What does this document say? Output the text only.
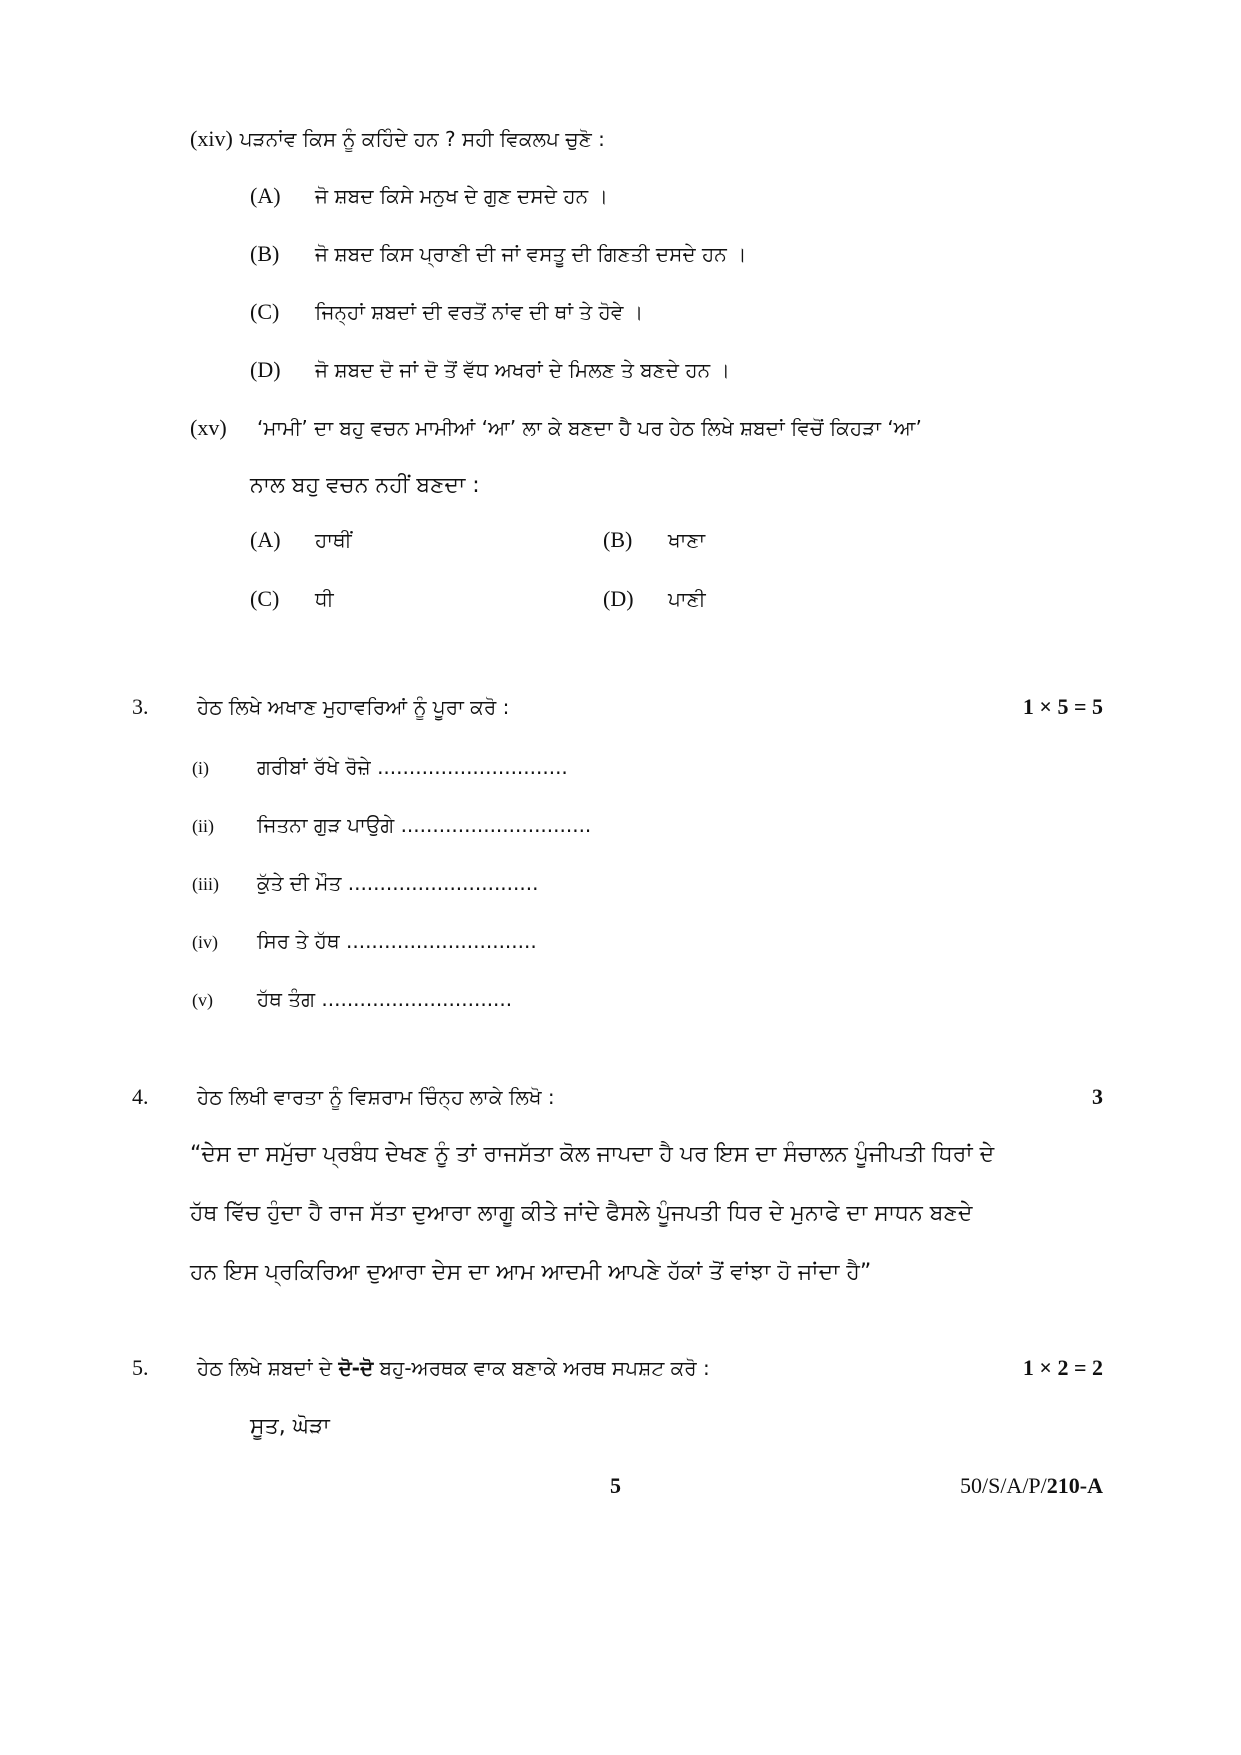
(xiv) ਪੜਨਾਂਵ ਕਿਸ ਨੂੰ ਕਹਿੰਦੇ ਹਨ ? ਸਹੀ ਵਿਕਲਪ ਚੁਣੋ :
(A) ਜੋ ਸ਼ਬਦ ਕਿਸੇ ਮਨੁਖ ਦੇ ਗੁਣ ਦਸਦੇ ਹਨ ।
(B) ਜੋ ਸ਼ਬਦ ਕਿਸ ਪ੍ਰਾਣੀ ਦੀ ਜਾਂ ਵਸਤੂ ਦੀ ਗਿਣਤੀ ਦਸਦੇ ਹਨ ।
(C) ਜਿਨ੍ਹਾਂ ਸ਼ਬਦਾਂ ਦੀ ਵਰਤੋਂ ਨਾਂਵ ਦੀ ਥਾਂ ਤੇ ਹੋਵੇ ।
(D) ਜੋ ਸ਼ਬਦ ਦੋ ਜਾਂ ਦੋ ਤੋਂ ਵੱਧ ਅਖਰਾਂ ਦੇ ਮਿਲਣ ਤੇ ਬਣਦੇ ਹਨ ।
(xv) ‘ਮਾਮੀ’ ਦਾ ਬਹੁ ਵਚਨ ਮਾਮੀਆਂ ‘ਆ’ ਲਾ ਕੇ ਬਣਦਾ ਹੈ ਪਰ ਹੇਠ ਲਿਖੇ ਸ਼ਬਦਾਂ ਵਿਚੋਂ ਕਿਹੜਾ ‘ਆ’
ਨਾਲ ਬਹੁ ਵਚਨ ਨਹੀਂ ਬਣਦਾ :
(A) ਹਾਥੀਂ	(B) ਖਾਣਾ
(C) ਧੀ	(D) ਪਾਣੀ
3. ਹੇਠ ਲਿਖੇ ਅਖਾਣ ਮੁਹਾਵਰਿਆਂ ਨੂੰ ਪੂਰਾ ਕਰੋ :	1 × 5 = 5
(i) ਗਰੀਬਾਂ ਰੱਖੇ ਰੋਜ਼ੇ ..............................
(ii) ਜਿਤਨਾ ਗੁੜ ਪਾਉਗੇ ..............................
(iii) ਕੁੱਤੇ ਦੀ ਮੌਤ ..............................
(iv) ਸਿਰ ਤੇ ਹੱਥ ..............................
(v) ਹੱਥ ਤੰਗ ..............................
4. ਹੇਠ ਲਿਖੀ ਵਾਰਤਾ ਨੂੰ ਵਿਸ਼ਰਾਮ ਚਿੰਨ੍ਹ ਲਾਕੇ ਲਿਖੋ :	3
“ਦੇਸ ਦਾ ਸਮੁੱਚਾ ਪ੍ਰਬੰਧ ਦੇਖਣ ਨੂੰ ਤਾਂ ਰਾਜਸੱਤਾ ਕੋਲ ਜਾਪਦਾ ਹੈ ਪਰ ਇਸ ਦਾ ਸੰਚਾਲਨ ਪੂੰਜੀਪਤੀ ਧਿਰਾਂ ਦੇ
ਹੱਥ ਵਿੱਚ ਹੁੰਦਾ ਹੈ ਰਾਜ ਸੱਤਾ ਦੁਆਰਾ ਲਾਗੂ ਕੀਤੇ ਜਾਂਦੇ ਫੈਸਲੇ ਪੂੰਜਪਤੀ ਧਿਰ ਦੇ ਮੁਨਾਫੇ ਦਾ ਸਾਧਨ ਬਣਦੇ
ਹਨ ਇਸ ਪ੍ਰਕਿਰਿਆ ਦੁਆਰਾ ਦੇਸ ਦਾ ਆਮ ਆਦਮੀ ਆਪਣੇ ਹੱਕਾਂ ਤੋਂ ਵਾਂਝਾ ਹੋ ਜਾਂਦਾ ਹੈ”
5. ਹੇਠ ਲਿਖੇ ਸ਼ਬਦਾਂ ਦੇ ਦੋ-ਦੋ ਬਹੁ-ਅਰਥਕ ਵਾਕ ਬਣਾਕੇ ਅਰਥ ਸਪਸ਼ਟ ਕਰੋ :	1 × 2 = 2
ਸੂਤ, ਘੋੜਾ
5	50/S/A/P/210-A
